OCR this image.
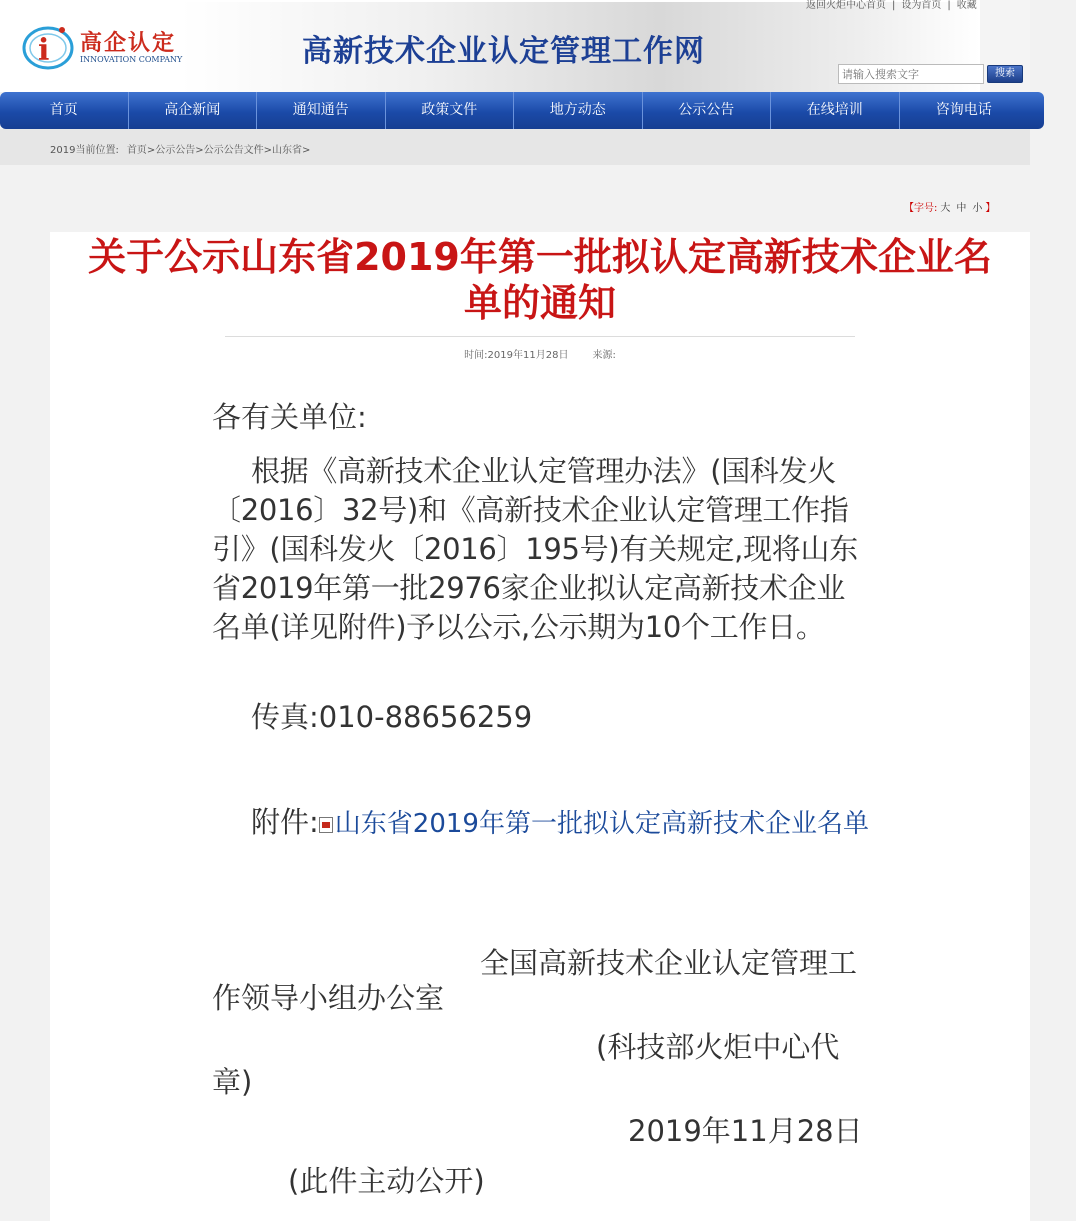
返回火炬中心首页 | 设为首页 | 收藏
i 高企认定
INNOVATION COMPANY	高新技术企业认定管理工作网
请输入搜索文字
搜索
首页	高企新闻	通知通告	政策文件	地方动态	公示公告	在线培训	咨询电话
2019当前位置: 首页>公示公告>公示公告文件>山东省>
【字号: 大 中 小 】
关于公示山东省2019年第一批拟认定高新技术企业名单的通知
时间:2019年11月28日 来源:
各有关单位:
根据《高新技术企业认定管理办法》(国科发火〔2016〕32号)和《高新技术企业认定管理工作指引》(国科发火〔2016〕195号)有关规定,现将山东省2019年第一批2976家企业拟认定高新技术企业名单(详见附件)予以公示,公示期为10个工作日。
传真:010-88656259
附件: 山东省2019年第一批拟认定高新技术企业名单
全国高新技术企业认定管理工作领导小组办公室
(科技部火炬中心代章)
2019年11月28日
(此件主动公开)
